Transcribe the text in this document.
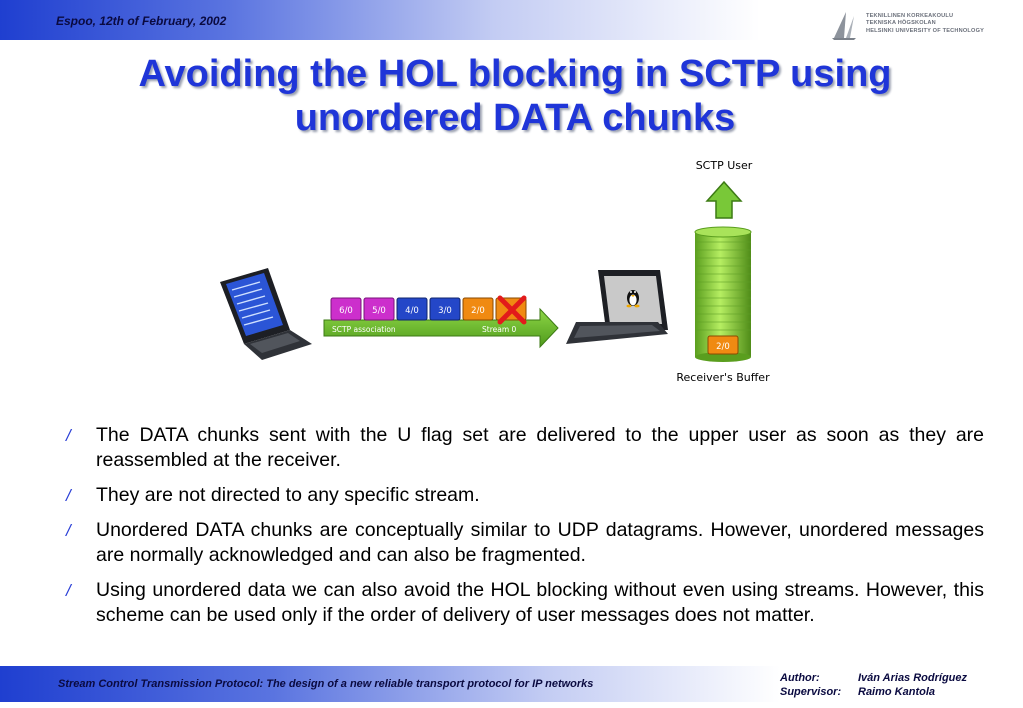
Espoo, 12th of February, 2002	TEKNILLINEN KORKEAKOULU
TEKNISKA HÖGSKOLAN
HELSINKI UNIVERSITY OF TECHNOLOGY
Avoiding the HOL blocking in SCTP using
unordered DATA chunks
SCTP association	Stream 0
6/0 5/0 4/0 3/0 2/0
SCTP User
2/0
Receiver's Buffer
/ The DATA chunks sent with the U flag set are delivered to the upper user as soon as they are reassembled at the receiver.
/ They are not directed to any specific stream.
/ Unordered DATA chunks are conceptually similar to UDP datagrams. However, unordered messages are normally acknowledged and can also be fragmented.
/ Using unordered data we can also avoid the HOL blocking without even using streams. However, this scheme can be used only if the order of delivery of user messages does not matter.
Stream Control Transmission Protocol: The design of a new reliable transport protocol for IP networks	Author:	Iván Arias Rodríguez
Supervisor: Raimo Kantola
